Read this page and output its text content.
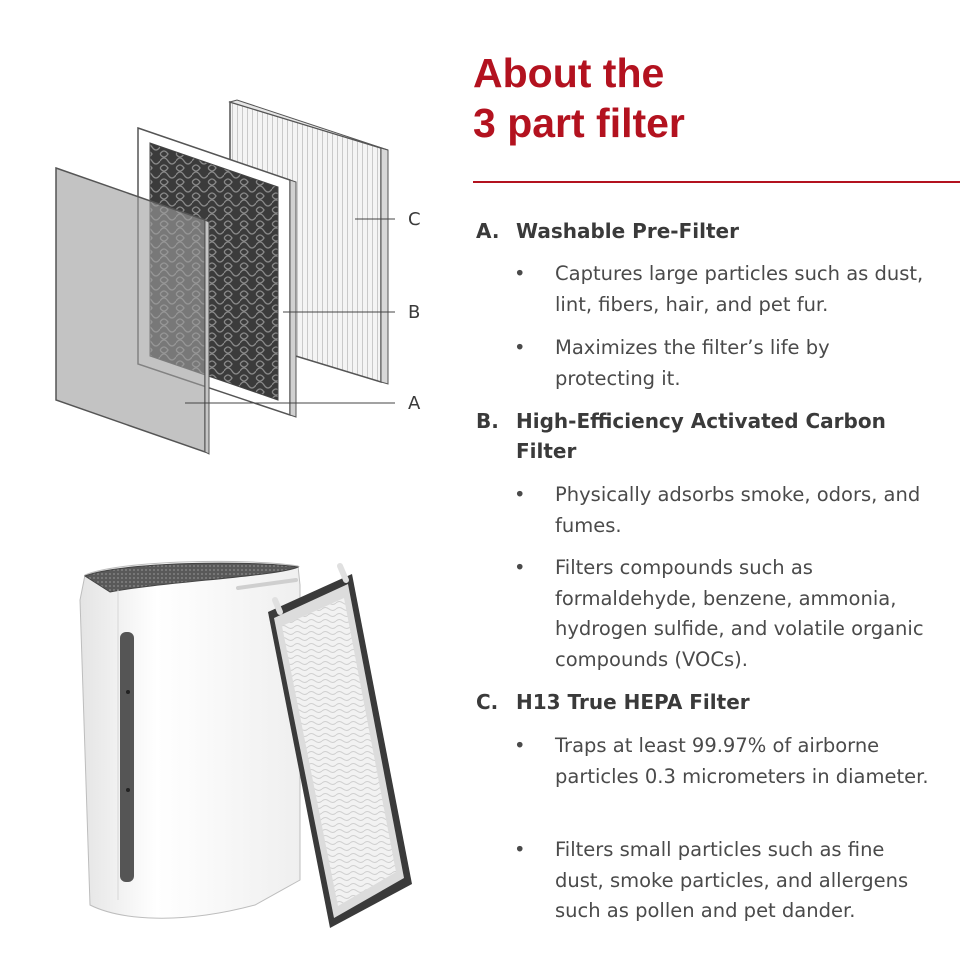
C
B
A
About the
3 part filter
A. Washable Pre-Filter
• Captures large particles such as dust, lint, fibers, hair, and pet fur.
• Maximizes the filter’s life by protecting it.
B. High-Efficiency Activated Carbon Filter
• Physically adsorbs smoke, odors, and fumes.
• Filters compounds such as formaldehyde, benzene, ammonia, hydrogen sulfide, and volatile organic compounds (VOCs).
C. H13 True HEPA Filter
• Traps at least 99.97% of airborne particles 0.3 micrometers in diameter.
• Filters small particles such as fine dust, smoke particles, and allergens such as pollen and pet dander.
